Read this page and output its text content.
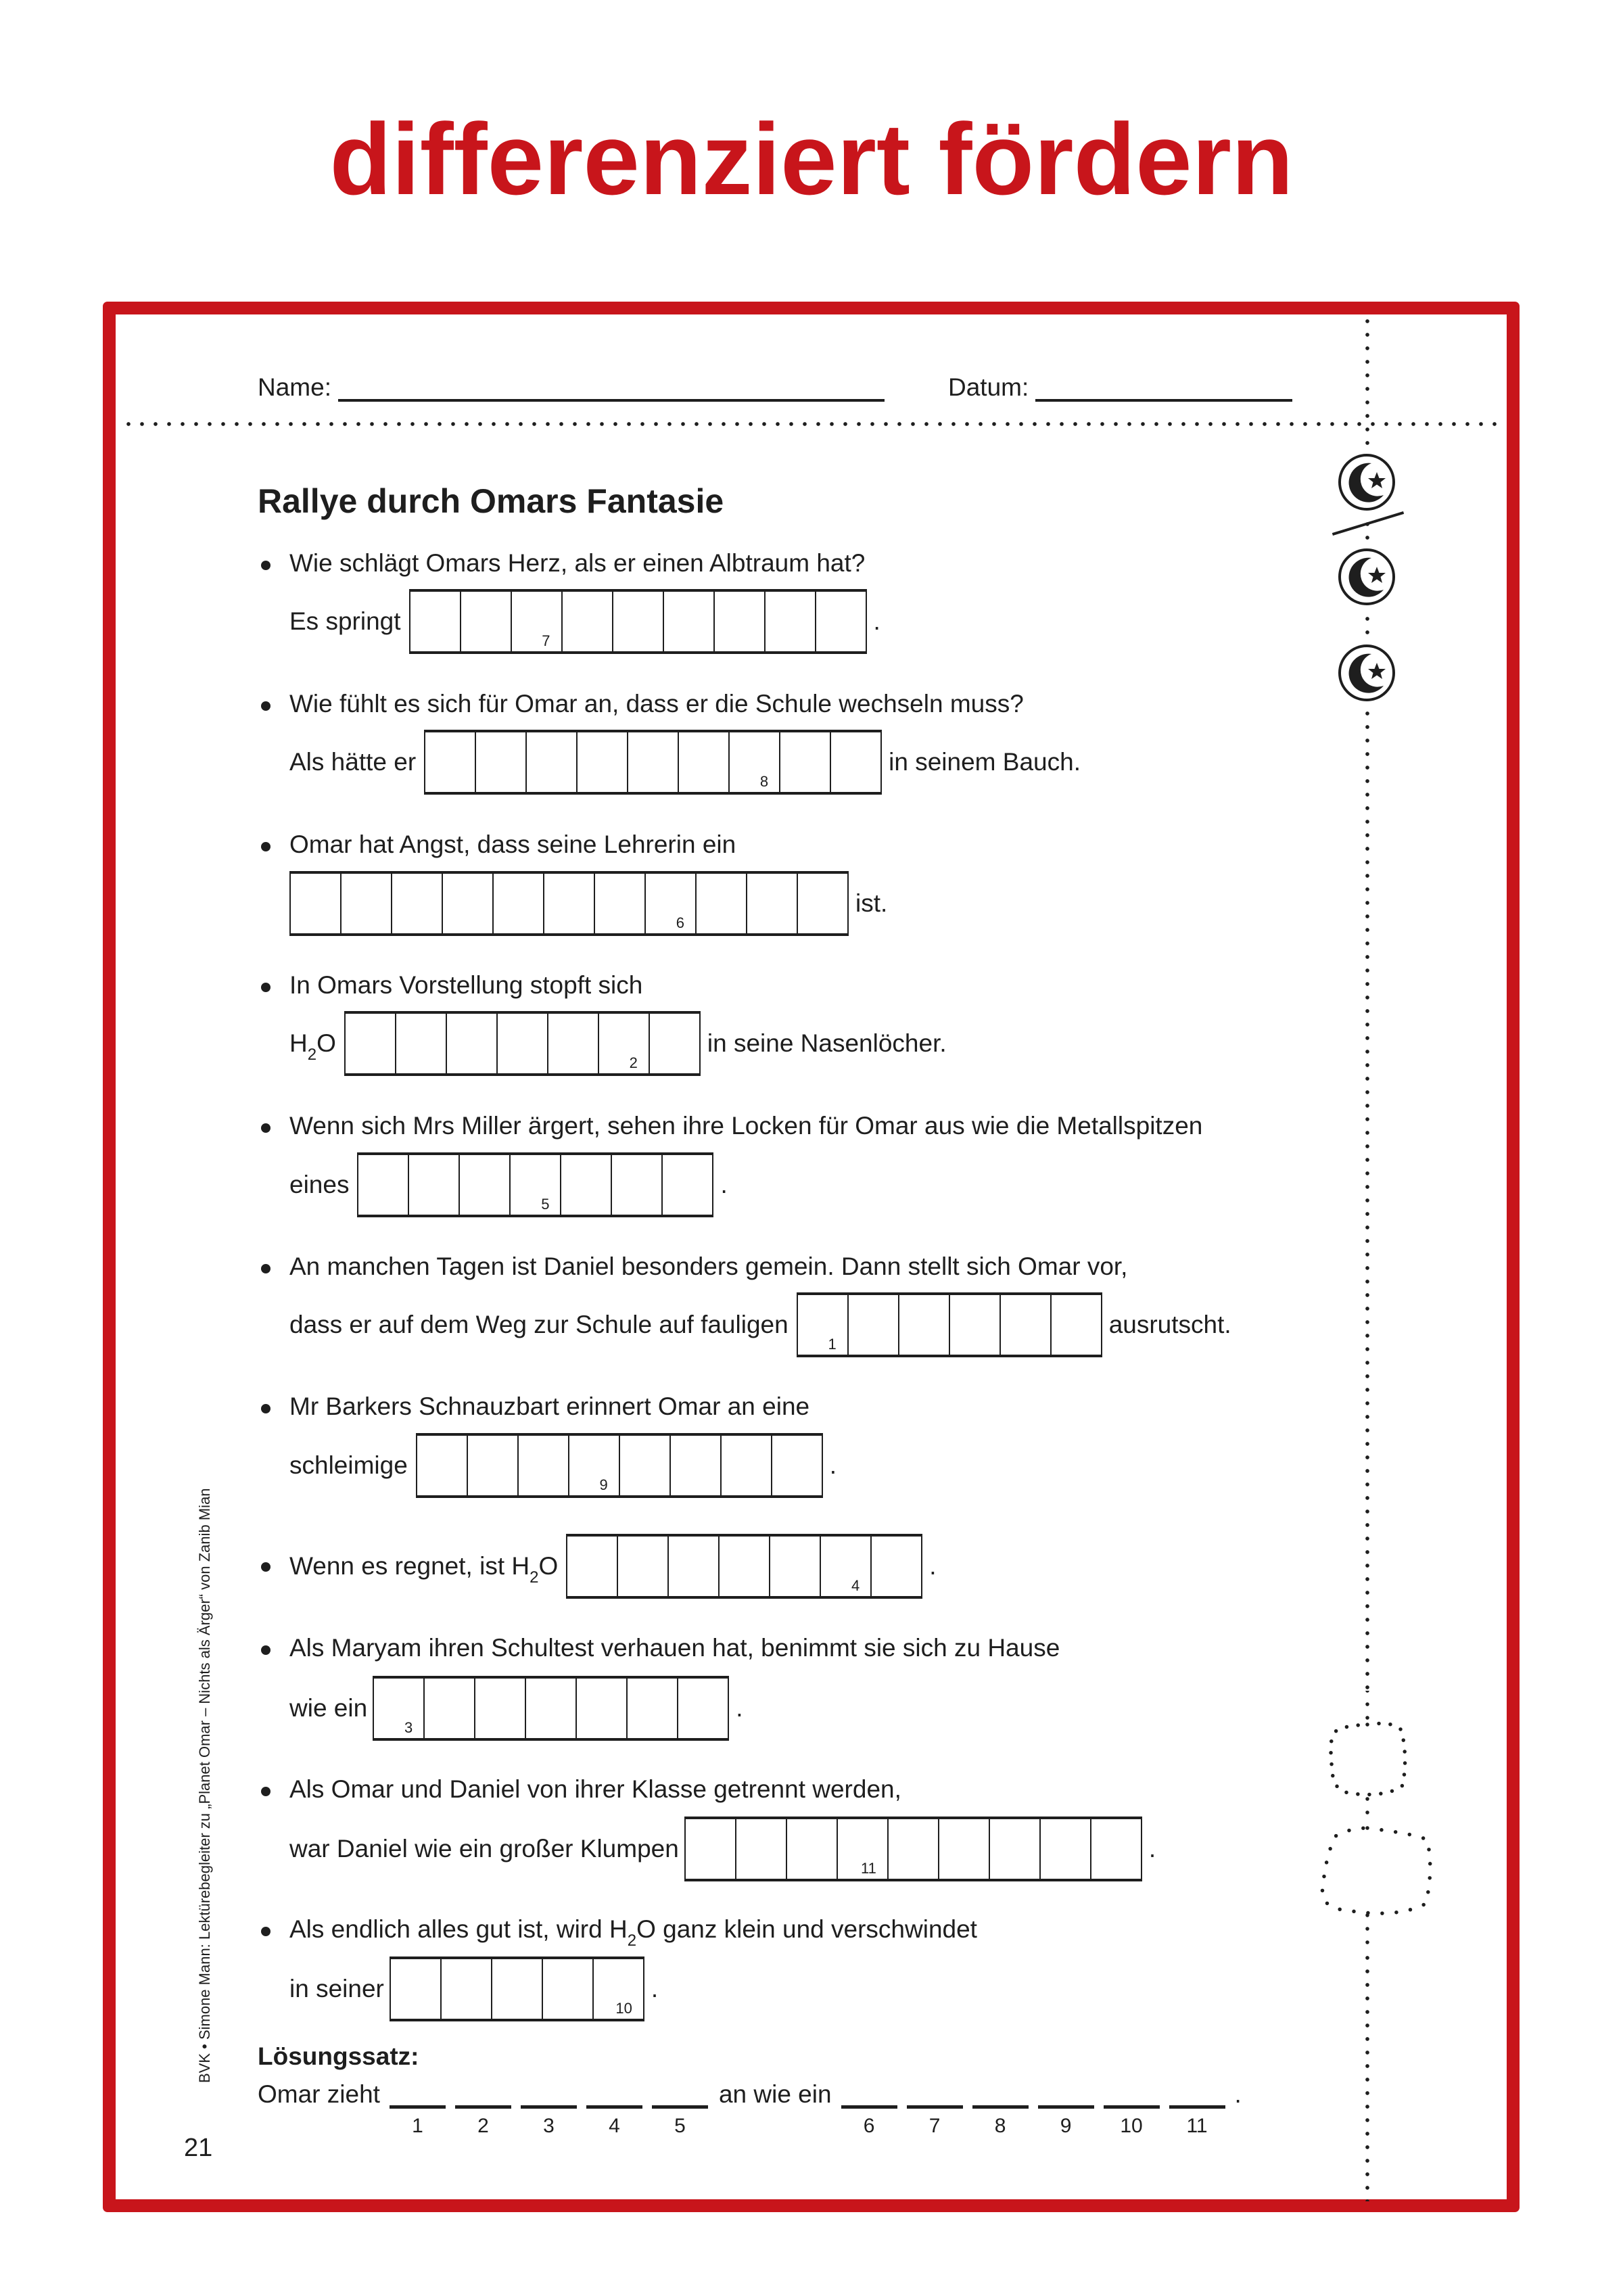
differenziert fördern
Name:	Datum:
Rallye durch Omars Fantasie
Wie schlägt Omars Herz, als er einen Albtraum hat?
Es springt
7
.
Wie fühlt es sich für Omar an, dass er die Schule wechseln muss?
Als hätte er
8
in seinem Bauch.
Omar hat Angst, dass seine Lehrerin ein
6
ist.
In Omars Vorstellung stopft sich
$H_2O$
2
in seine Nasenlöcher.
Wenn sich Mrs Miller ärgert, sehen ihre Locken für Omar aus wie die Metallspitzen
eines
5
.
An manchen Tagen ist Daniel besonders gemein. Dann stellt sich Omar vor,
dass er auf dem Weg zur Schule auf fauligen
1
ausrutscht.
Mr Barkers Schnauzbart erinnert Omar an eine
schleimige
9
.
Wenn es regnet, ist $H_2O$
4
.
Als Maryam ihren Schultest verhauen hat, benimmt sie sich zu Hause
wie ein
3
.
Als Omar und Daniel von ihrer Klasse getrennt werden,
war Daniel wie ein großer Klumpen
11
.
Als endlich alles gut ist, wird $H_2O$ ganz klein und verschwindet
in seiner
10
.
Lösungssatz:
Omar zieht
1	2	3	4	5
an wie ein
6	7	8	9	10	11
.
BVK • Simone Mann: Lektürebegleiter zu „Planet Omar – Nichts als Ärger“ von Zanib Mian
21
